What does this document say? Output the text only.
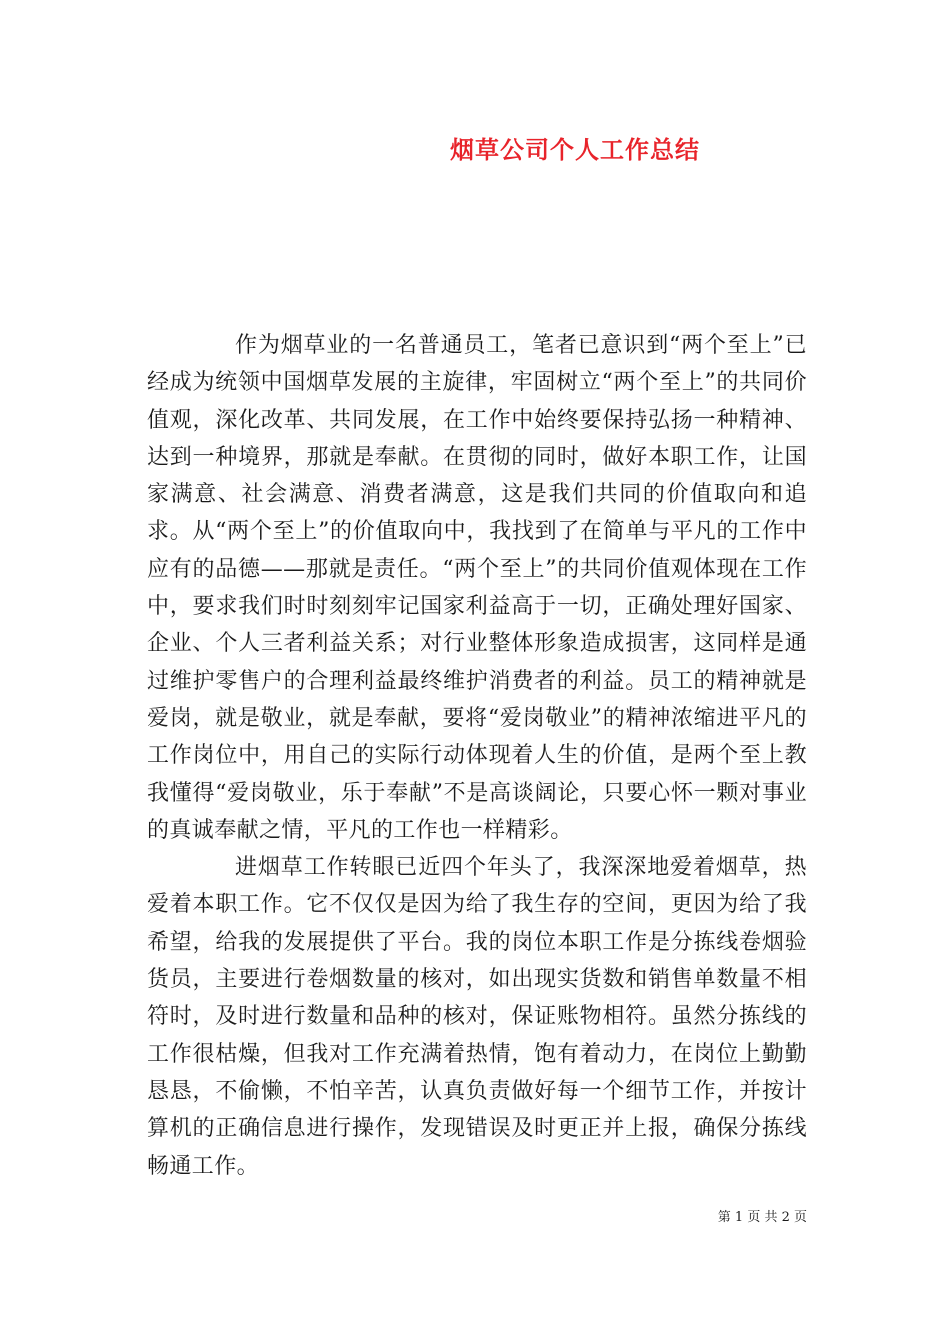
烟草公司个人工作总结

作为烟草业的一名普通员工，笔者已意识到“两个至上”已经成为统领中国烟草发展的主旋律，牢固树立“两个至上”的共同价值观，深化改革、共同发展，在工作中始终要保持弘扬一种精神、达到一种境界，那就是奉献。在贯彻的同时，做好本职工作，让国家满意、社会满意、消费者满意，这是我们共同的价值取向和追求。从“两个至上”的价值取向中，我找到了在简单与平凡的工作中应有的品德——那就是责任。“两个至上”的共同价值观体现在工作中，要求我们时时刻刻牢记国家利益高于一切，正确处理好国家、企业、个人三者利益关系；对行业整体形象造成损害，这同样是通过维护零售户的合理利益最终维护消费者的利益。员工的精神就是爱岗，就是敬业，就是奉献，要将“爱岗敬业”的精神浓缩进平凡的工作岗位中，用自己的实际行动体现着人生的价值，是两个至上教我懂得“爱岗敬业，乐于奉献”不是高谈阔论，只要心怀一颗对事业的真诚奉献之情，平凡的工作也一样精彩。

进烟草工作转眼已近四个年头了，我深深地爱着烟草，热爱着本职工作。它不仅仅是因为给了我生存的空间，更因为给了我希望，给我的发展提供了平台。我的岗位本职工作是分拣线卷烟验货员，主要进行卷烟数量的核对，如出现实货数和销售单数量不相符时，及时进行数量和品种的核对，保证账物相符。虽然分拣线的工作很枯燥，但我对工作充满着热情，饱有着动力，在岗位上勤勤恳恳，不偷懒，不怕辛苦，认真负责做好每一个细节工作，并按计算机的正确信息进行操作，发现错误及时更正并上报，确保分拣线畅通工作。

第 1 页 共 2 页
